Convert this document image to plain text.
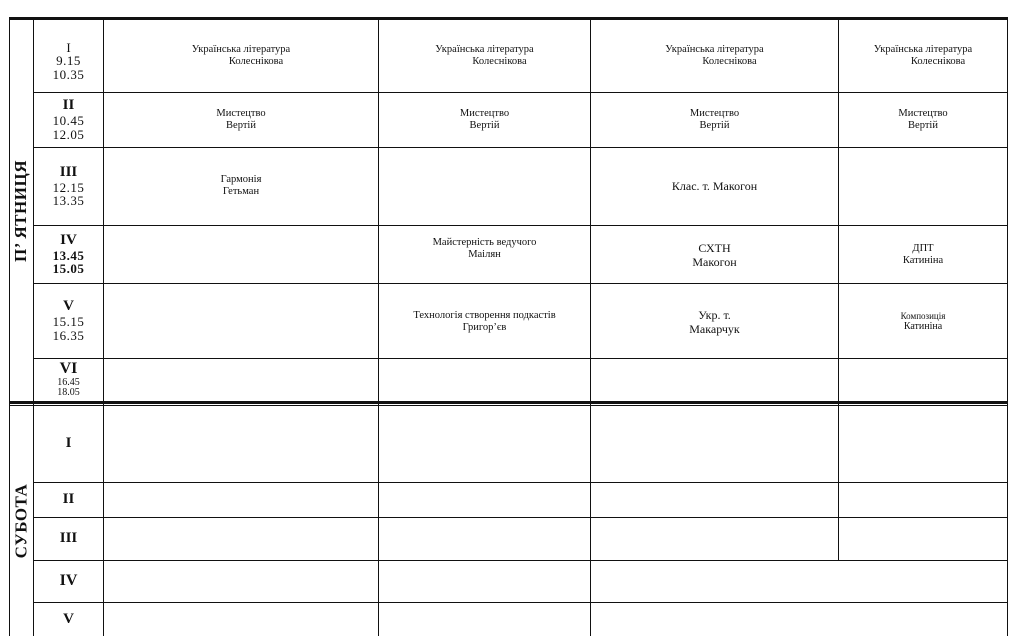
П’ ЯТНИЦЯ
СУБОТА
I
9.15
10.35
II
10.45
12.05
III
12.15
13.35
IV
13.45
15.05
V
15.15
16.35
VI
16.45
18.05
Українська література
Колеснікова
Українська література
Колеснікова
Українська література
Колеснікова
Українська література
Колеснікова
Мистецтво
Вертій
Мистецтво
Вертій
Мистецтво
Вертій
Мистецтво
Вертій
Гармонія
Гетьман	Клас. т. Макогон
Майстерність ведучого
Маілян	СХТН
Макогон
ДПТ
Катиніна
Технологія створення подкастів
Григор’єв
Укр. т.
Макарчук
Композиція
Катиніна
І
ІІ
ІІІ
IV
V
